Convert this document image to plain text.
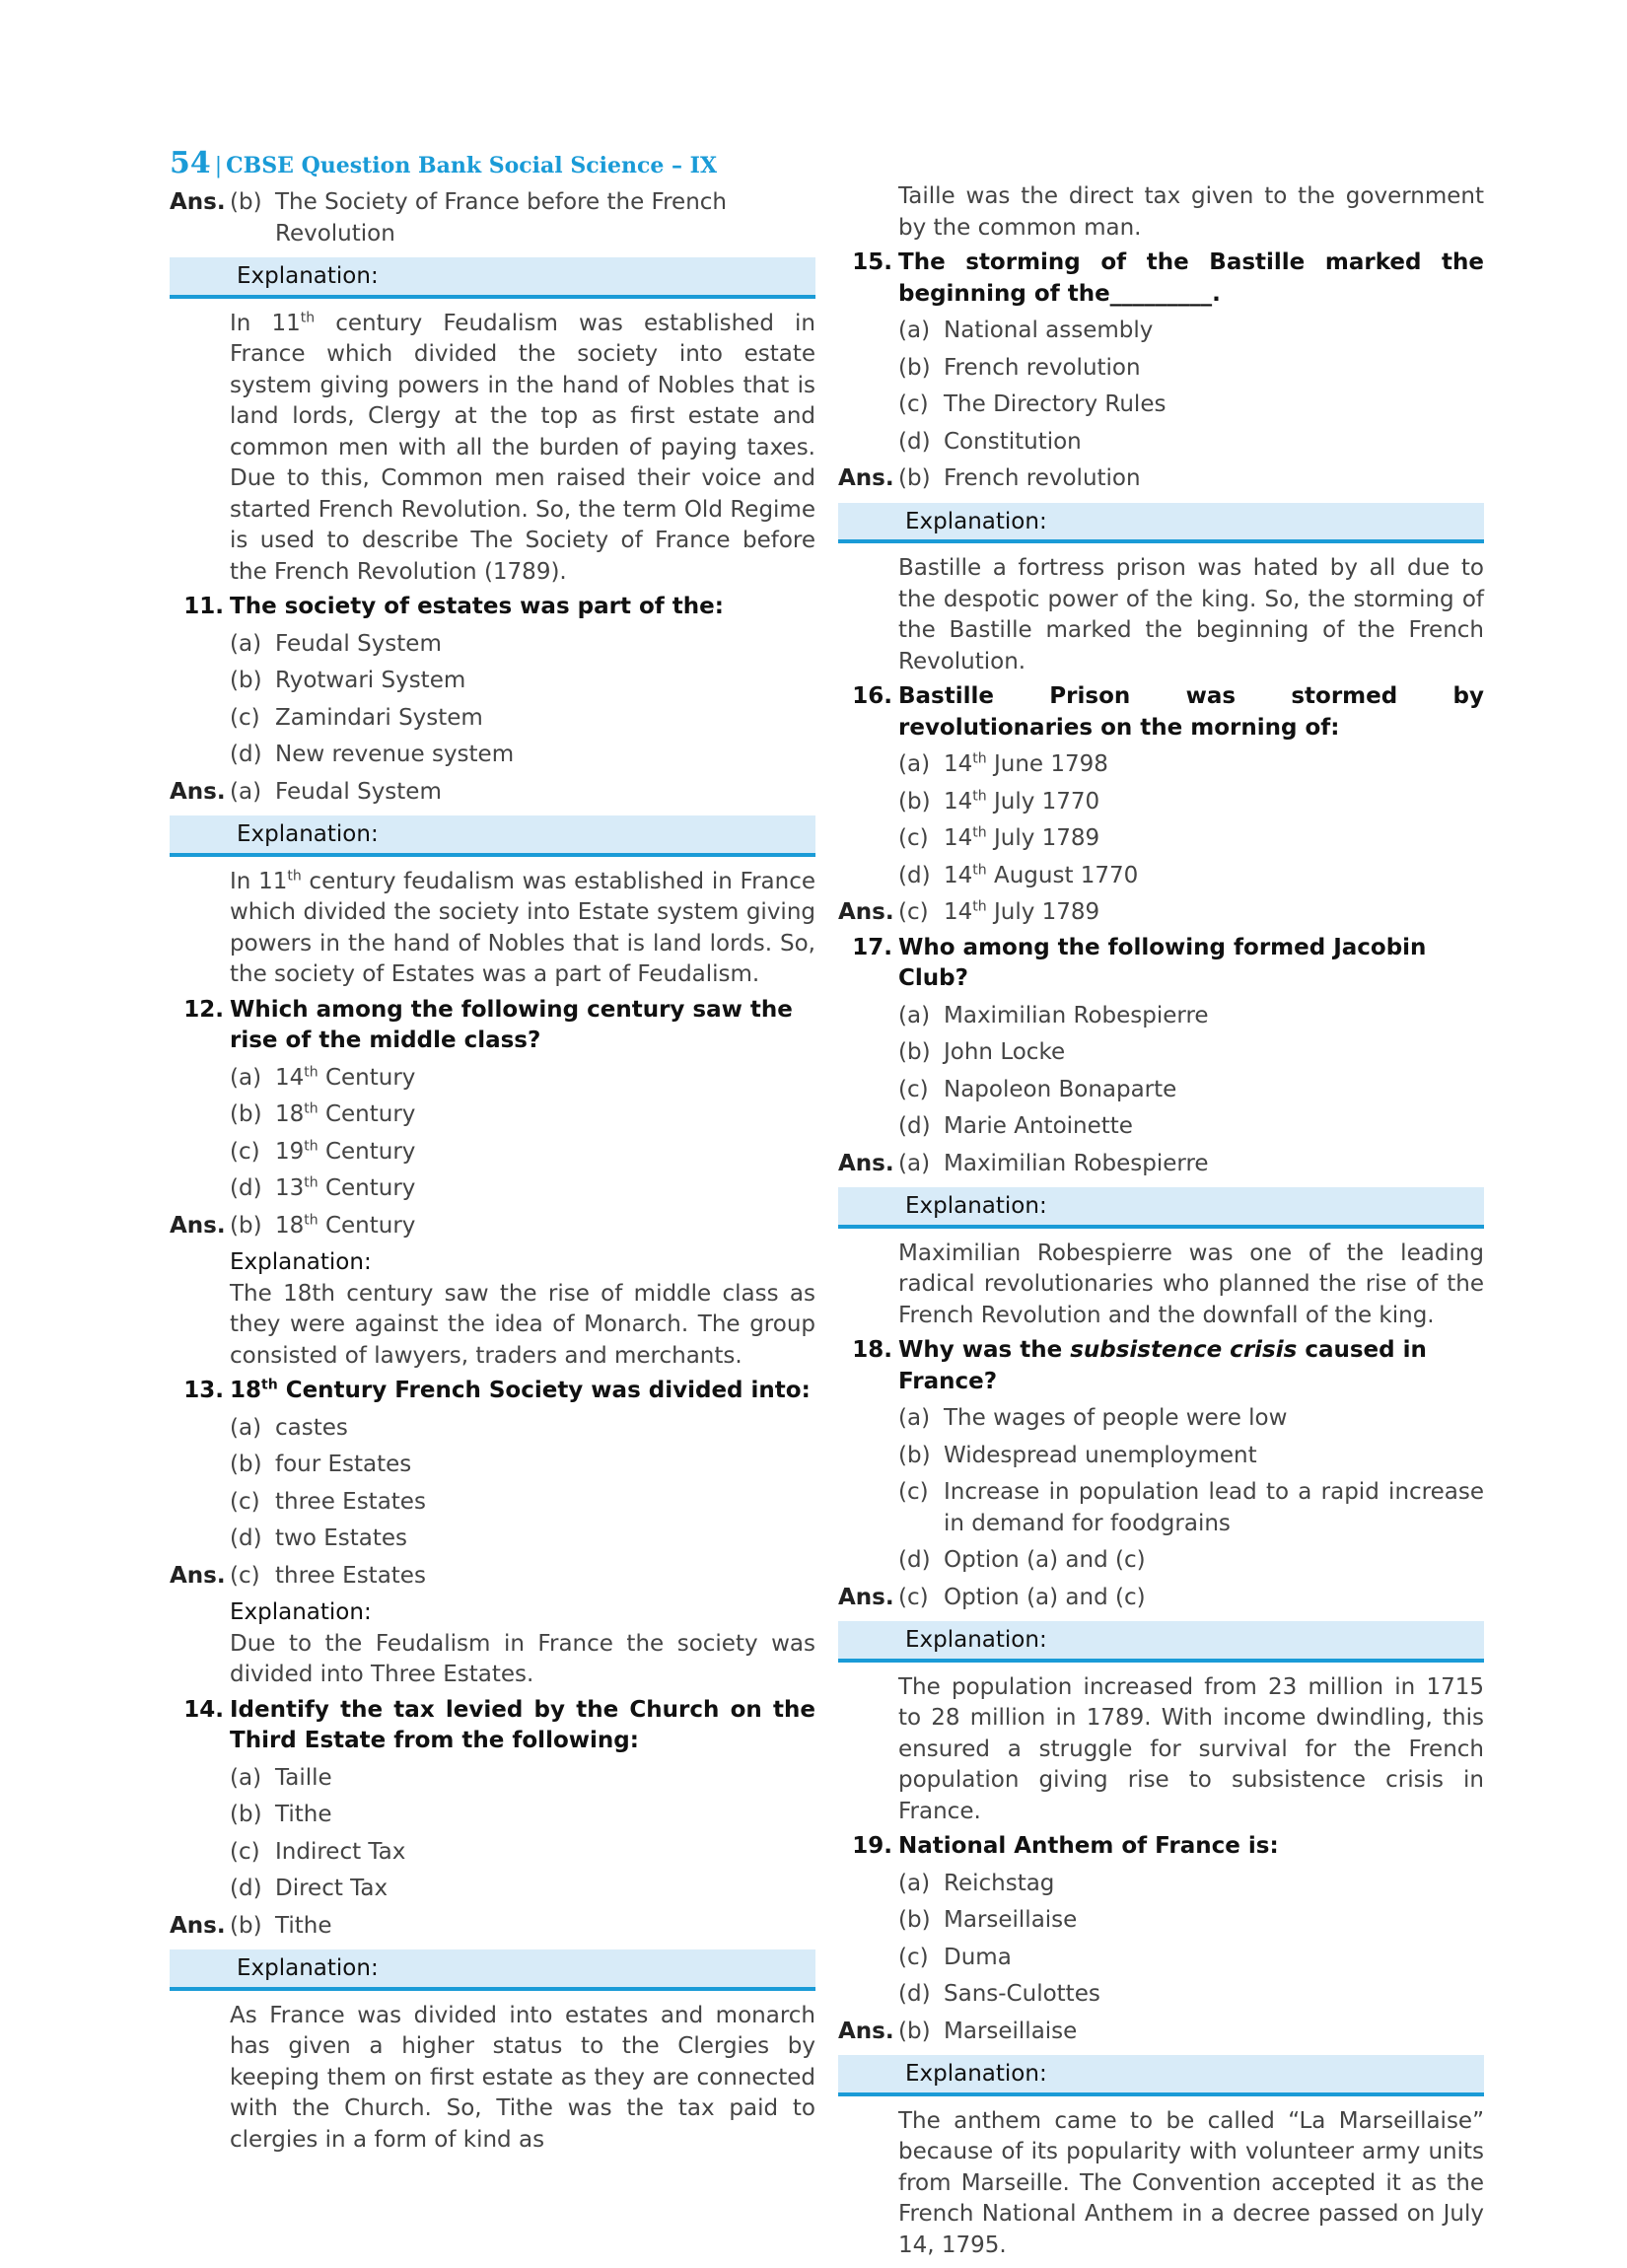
54 | CBSE Question Bank Social Science – IX
Ans. (b) The Society of France before the French Revolution
Explanation:
In 11th century Feudalism was established in France which divided the society into estate system giving powers in the hand of Nobles that is land lords, Clergy at the top as first estate and common men with all the burden of paying taxes. Due to this, Common men raised their voice and started French Revolution. So, the term Old Regime is used to describe The Society of France before the French Revolution (1789).
11. The society of estates was part of the:
(a) Feudal System
(b) Ryotwari System
(c) Zamindari System
(d) New revenue system
Ans. (a) Feudal System
Explanation:
In 11th century feudalism was established in France which divided the society into Estate system giving powers in the hand of Nobles that is land lords. So, the society of Estates was a part of Feudalism.
12. Which among the following century saw the rise of the middle class?
(a) 14th Century
(b) 18th Century
(c) 19th Century
(d) 13th Century
Ans. (b) 18th Century
Explanation:
The 18th century saw the rise of middle class as they were against the idea of Monarch. The group consisted of lawyers, traders and merchants.
13. 18th Century French Society was divided into:
(a) castes
(b) four Estates
(c) three Estates
(d) two Estates
Ans. (c) three Estates
Explanation:
Due to the Feudalism in France the society was divided into Three Estates.
14. Identify the tax levied by the Church on the Third Estate from the following:
(a) Taille
(b) Tithe
(c) Indirect Tax
(d) Direct Tax
Ans. (b) Tithe
Explanation:
As France was divided into estates and monarch has given a higher status to the Clergies by keeping them on first estate as they are connected with the Church. So, Tithe was the tax paid to clergies in a form of kind as
Taille was the direct tax given to the government by the common man.
15. The storming of the Bastille marked the beginning of the_________.
(a) National assembly
(b) French revolution
(c) The Directory Rules
(d) Constitution
Ans. (b) French revolution
Explanation:
Bastille a fortress prison was hated by all due to the despotic power of the king. So, the storming of the Bastille marked the beginning of the French Revolution.
16. Bastille Prison was stormed by revolutionaries on the morning of:
(a) 14th June 1798
(b) 14th July 1770
(c) 14th July 1789
(d) 14th August 1770
Ans. (c) 14th July 1789
17. Who among the following formed Jacobin Club?
(a) Maximilian Robespierre
(b) John Locke
(c) Napoleon Bonaparte
(d) Marie Antoinette
Ans. (a) Maximilian Robespierre
Explanation:
Maximilian Robespierre was one of the leading radical revolutionaries who planned the rise of the French Revolution and the downfall of the king.
18. Why was the subsistence crisis caused in France?
(a) The wages of people were low
(b) Widespread unemployment
(c) Increase in population lead to a rapid increase in demand for foodgrains
(d) Option (a) and (c)
Ans. (c) Option (a) and (c)
Explanation:
The population increased from 23 million in 1715 to 28 million in 1789. With income dwindling, this ensured a struggle for survival for the French population giving rise to subsistence crisis in France.
19. National Anthem of France is:
(a) Reichstag
(b) Marseillaise
(c) Duma
(d) Sans-Culottes
Ans. (b) Marseillaise
Explanation:
The anthem came to be called “La Marseillaise” because of its popularity with volunteer army units from Marseille. The Convention accepted it as the French National Anthem in a decree passed on July 14, 1795.
